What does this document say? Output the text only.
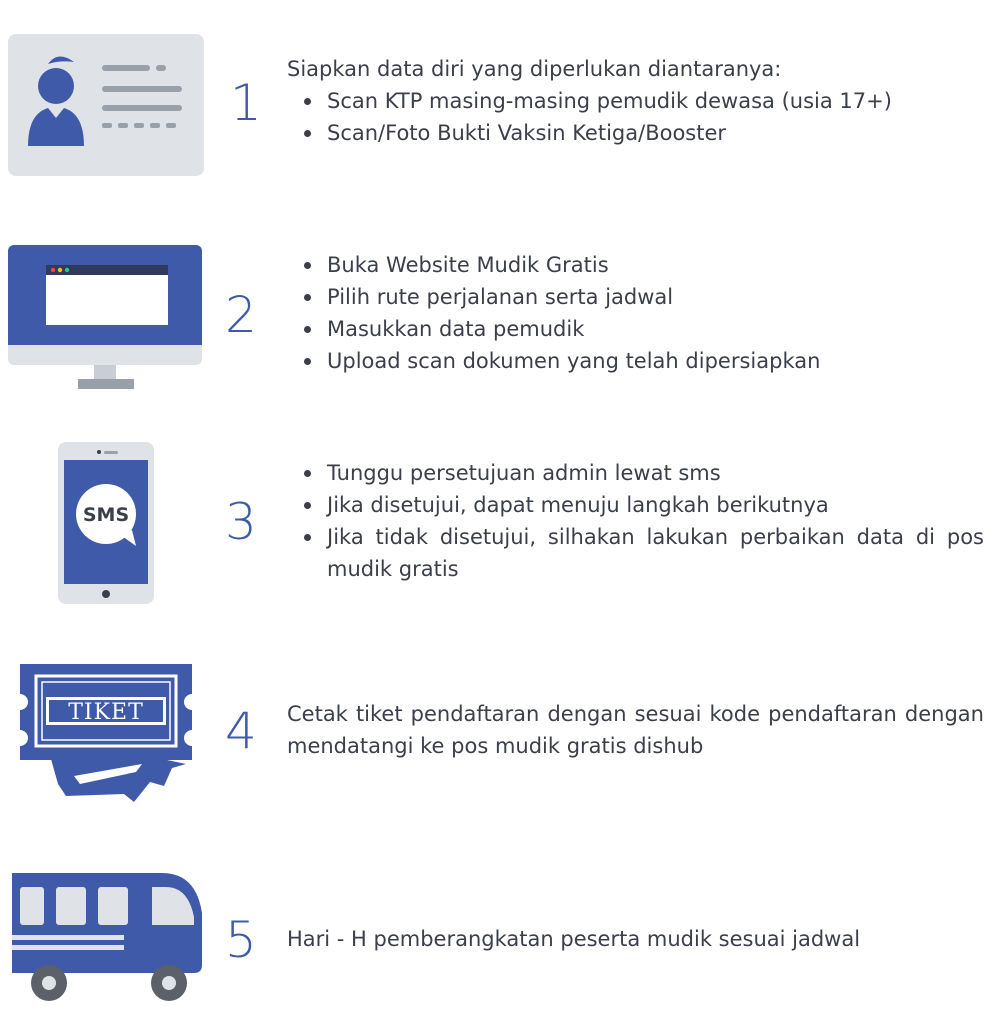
1

Siapkan data diri yang diperlukan diantaranya:

Scan KTP masing-masing pemudik dewasa (usia 17+)
Scan/Foto Bukti Vaksin Ketiga/Booster
2
Buka Website Mudik Gratis
Pilih rute perjalanan serta jadwal
Masukkan data pemudik
Upload scan dokumen yang telah dipersiapkan
SMS 3
Tunggu persetujuan admin lewat sms
Jika disetujui, dapat menuju langkah berikutnya
Jika tidak disetujui, silhakan lakukan perbaikan data di pos mudik gratis
TIKET 4 Cetak tiket pendaftaran dengan sesuai kode pendaftaran dengan mendatangi ke pos mudik gratis dishub
5 Hari - H pemberangkatan peserta mudik sesuai jadwal
